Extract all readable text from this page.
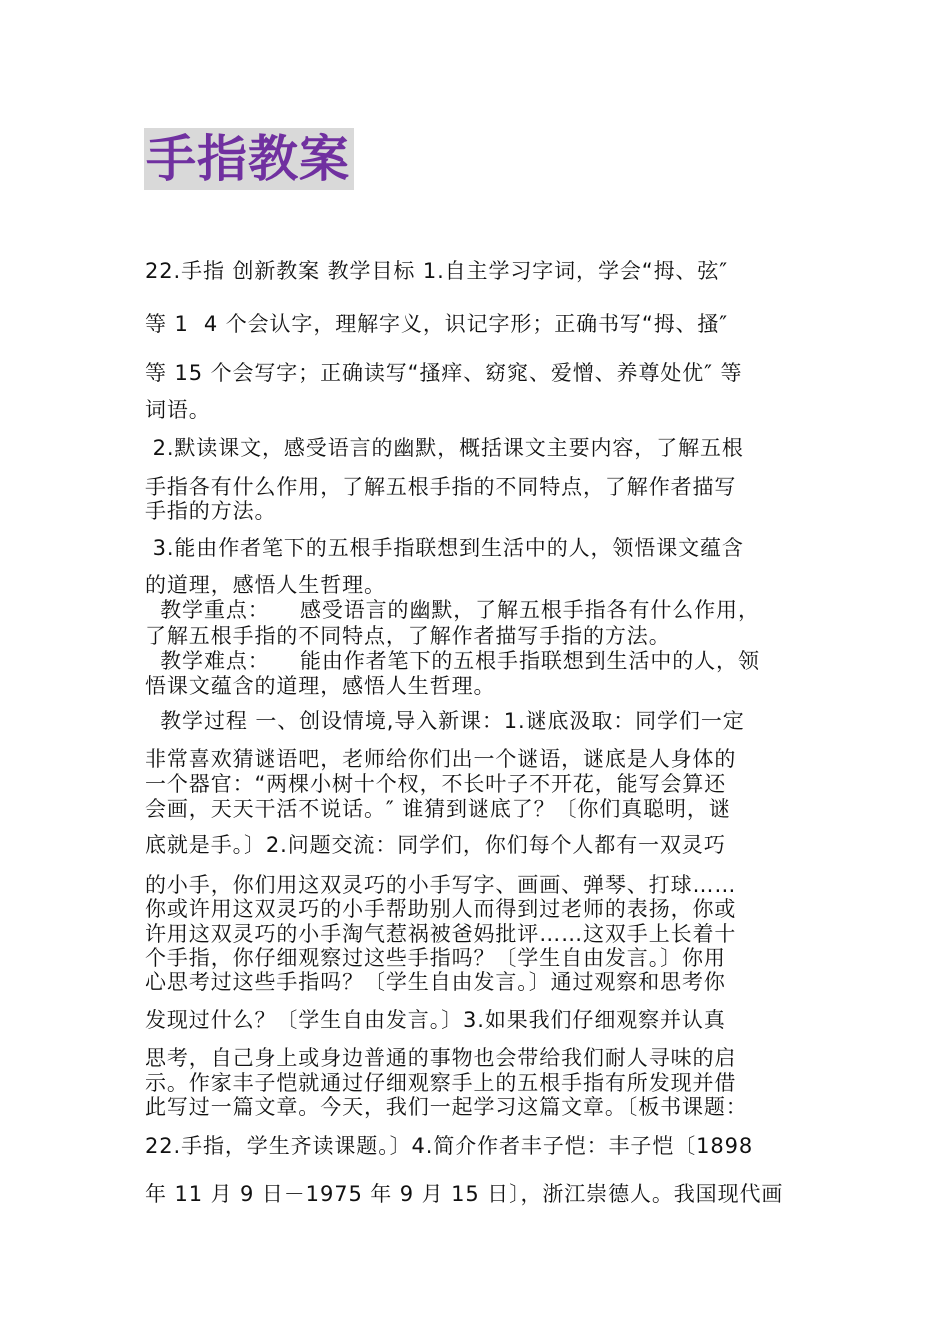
手指教案
22.手指 创新教案 教学目标 1.自主学习字词，学会“拇、弦″
等 1  4 个会认字，理解字义，识记字形；正确书写“拇、搔″
等 15 个会写字；正确读写“搔痒、窈窕、爱憎、养尊处优″ 等
词语。
2.默读课文，感受语言的幽默，概括课文主要内容，了解五根
手指各有什么作用，了解五根手指的不同特点，了解作者描写
手指的方法。
3.能由作者笔下的五根手指联想到生活中的人，领悟课文蕴含
的道理，感悟人生哲理。
教学重点：    感受语言的幽默，了解五根手指各有什么作用，
了解五根手指的不同特点，了解作者描写手指的方法。
教学难点：    能由作者笔下的五根手指联想到生活中的人，领
悟课文蕴含的道理，感悟人生哲理。
教学过程 一、创设情境,导入新课：1.谜底汲取：同学们一定
非常喜欢猜谜语吧，老师给你们出一个谜语，谜底是人身体的
一个器官：“两棵小树十个杈，不长叶子不开花，能写会算还
会画，天天干活不说话。″ 谁猜到谜底了？〔你们真聪明，谜
底就是手。〕2.问题交流：同学们，你们每个人都有一双灵巧
的小手，你们用这双灵巧的小手写字、画画、弹琴、打球……
你或许用这双灵巧的小手帮助别人而得到过老师的表扬，你或
许用这双灵巧的小手淘气惹祸被爸妈批评……这双手上长着十
个手指，你仔细观察过这些手指吗？〔学生自由发言。〕你用
心思考过这些手指吗？〔学生自由发言。〕通过观察和思考你
发现过什么？〔学生自由发言。〕3.如果我们仔细观察并认真
思考，自己身上或身边普通的事物也会带给我们耐人寻味的启
示。作家丰子恺就通过仔细观察手上的五根手指有所发现并借
此写过一篇文章。今天，我们一起学习这篇文章。〔板书课题：
22.手指，学生齐读课题。〕4.简介作者丰子恺：丰子恺〔1898
年 11 月 9 日－1975 年 9 月 15 日〕，浙江崇德人。我国现代画
